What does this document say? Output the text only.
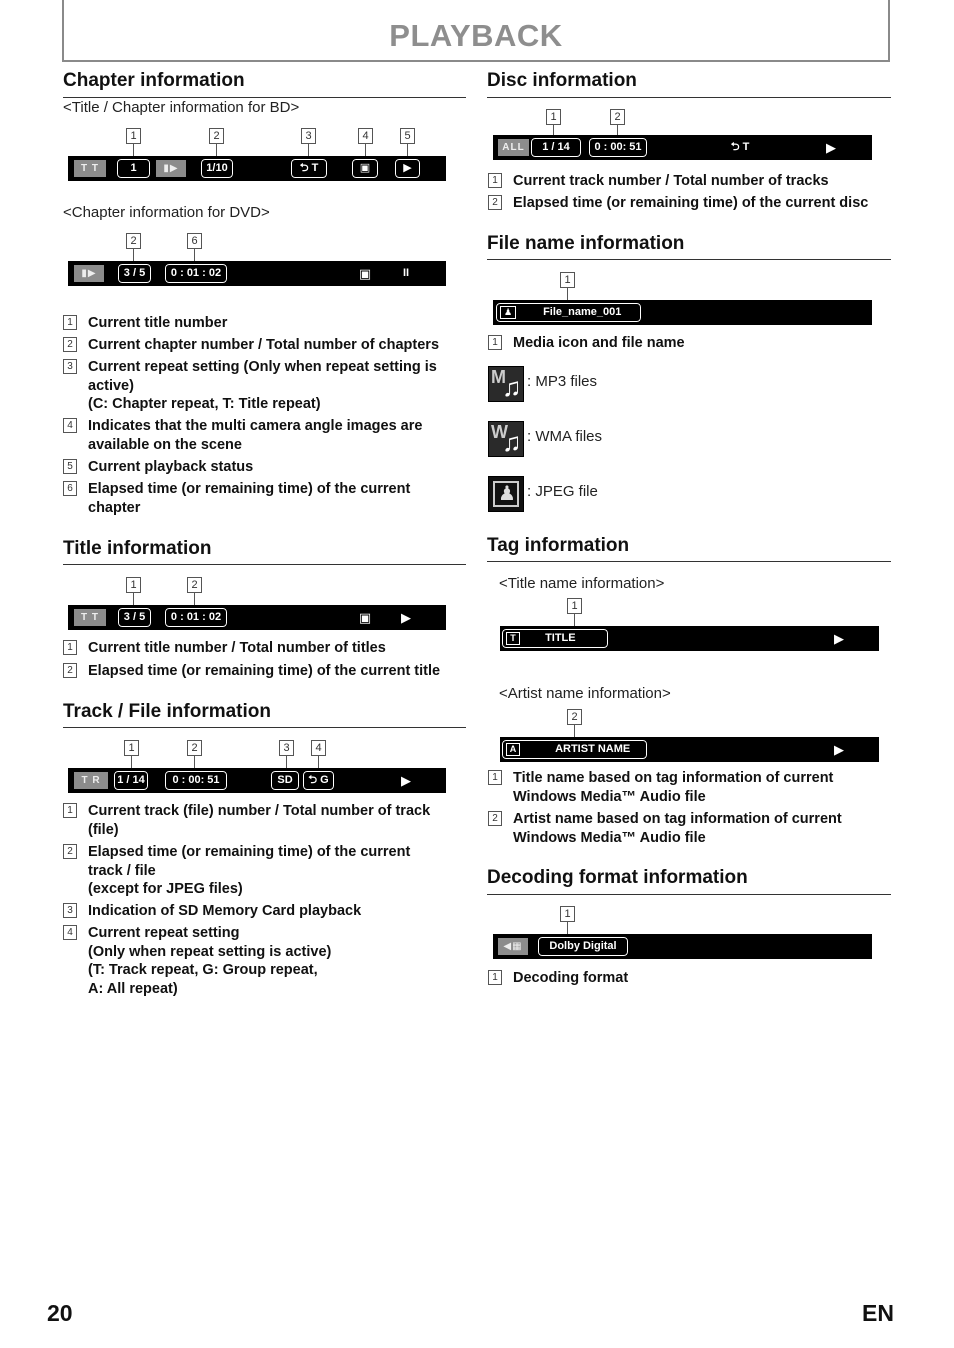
PLAYBACK
Chapter information
<Title / Chapter information for BD>
1	2	3	4	5
T T	1	▮▶	1/10	⮌ T	▣	▶
<Chapter information for DVD>
2	6
▮▶	3 / 5	0 : 01 : 02	▣	II
1 Current title number
2 Current chapter number / Total number of chapters
3 Current repeat setting (Only when repeat setting is
active)
(C: Chapter repeat, T: Title repeat)
4 Indicates that the multi camera angle images are
available on the scene
5 Current playback status
6 Elapsed time (or remaining time) of the current
chapter
Title information
1	2
T T	3 / 5	0 : 01 : 02	▣ ▶
1 Current title number / Total number of titles
2 Elapsed time (or remaining time) of the current title
Track / File information
1	2	3	4
T R	1 / 14	0 : 00: 51	SD	⮌ G	▶
1 Current track (file) number / Total number of track
(file)
2 Elapsed time (or remaining time) of the current
track / file
(except for JPEG files)
3 Indication of SD Memory Card playback
4 Current repeat setting
(Only when repeat setting is active)
(T: Track repeat, G: Group repeat,
A: All repeat)
Disc information
1	2
ALL	1 / 14	0 : 00: 51	⮌ T	▶
1 Current track number / Total number of tracks
2 Elapsed time (or remaining time) of the current disc
File name information
1
♟	File_name_001
1 Media icon and file name
M
♫ : MP3 files
W
♫ : WMA files
♟ : JPEG file
Tag information
<Title name information>
1
T	TITLE	▶
<Artist name information>
2
A	ARTIST NAME	▶
1 Title name based on tag information of current
Windows Media™ Audio file
2 Artist name based on tag information of current
Windows Media™ Audio file
Decoding format information
1
◀▦	Dolby Digital
1 Decoding format
20	EN
